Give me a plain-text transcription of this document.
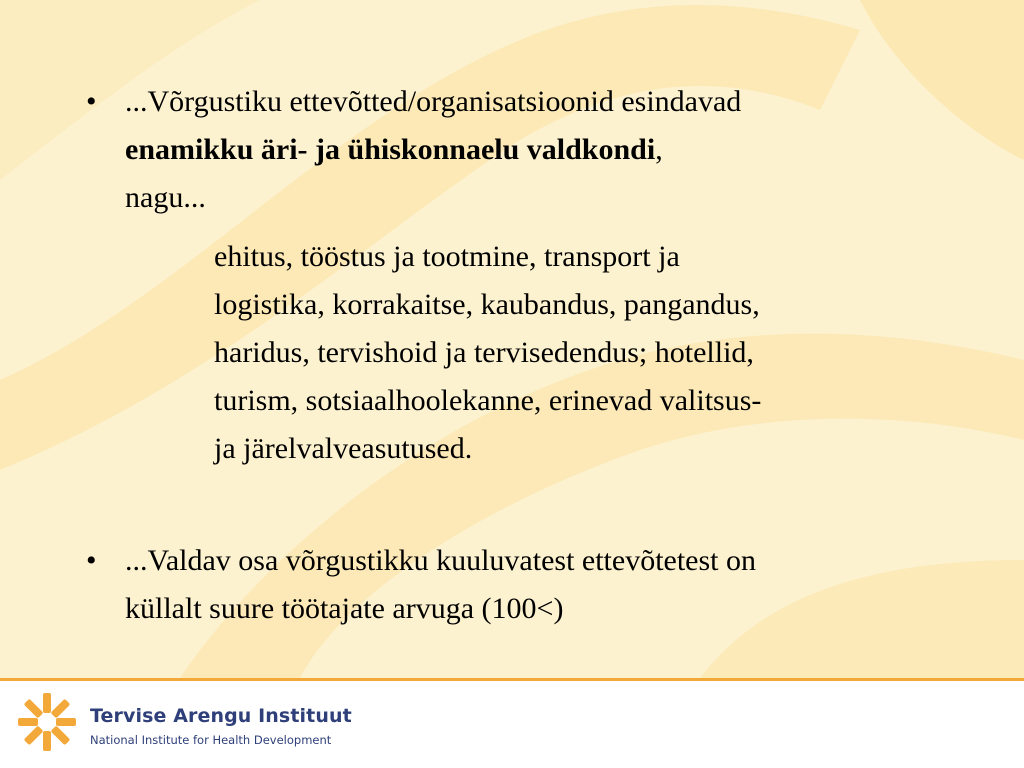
• ...Võrgustiku ettevõtted/organisatsioonid esindavad
enamikku äri- ja ühiskonnaelu valdkondi,
nagu...
ehitus, tööstus ja tootmine, transport ja
logistika, korrakaitse, kaubandus, pangandus,
haridus, tervishoid ja tervisedendus; hotellid,
turism, sotsiaalhoolekanne, erinevad valitsus-
ja järelvalveasutused.
• ...Valdav osa võrgustikku kuuluvatest ettevõtetest on
küllalt suure töötajate arvuga (100<)
Tervise Arengu Instituut
National Institute for Health Development
